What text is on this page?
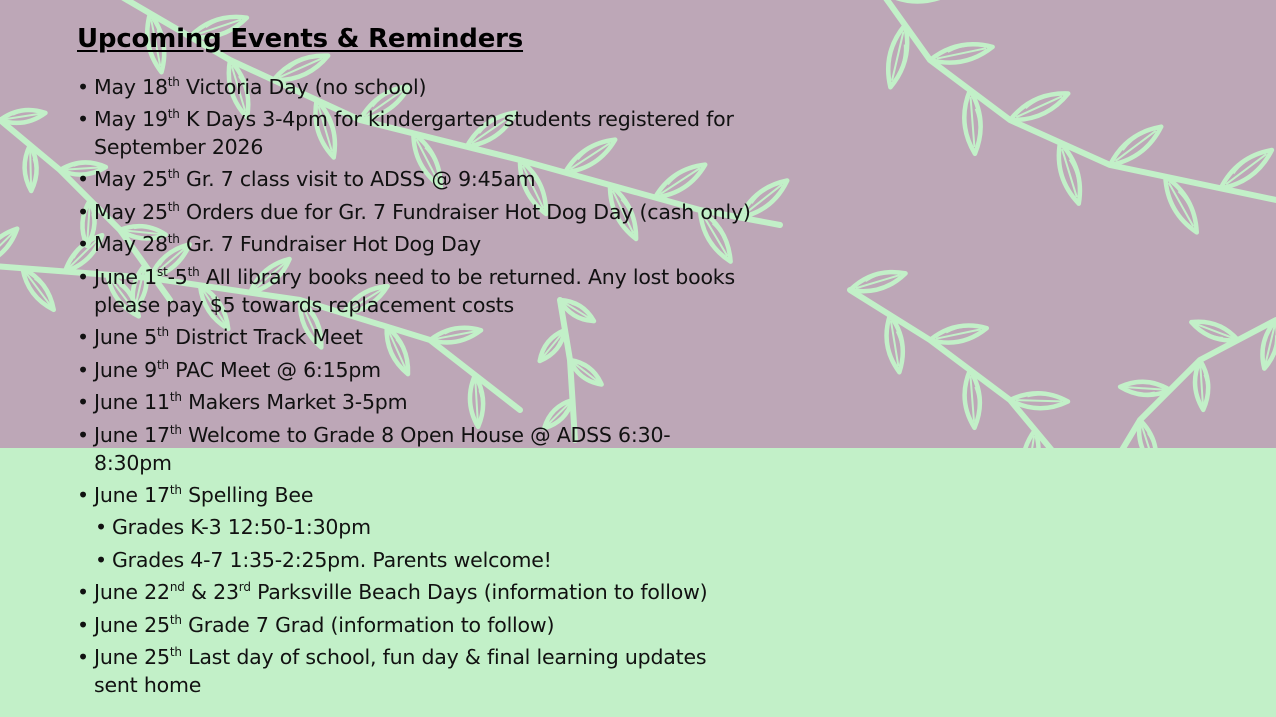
Upcoming Events & Reminders
• May 18th Victoria Day (no school)
• May 19th K Days 3-4pm for kindergarten students registered for
September 2026
• May 25th Gr. 7 class visit to ADSS @ 9:45am
• May 25th Orders due for Gr. 7 Fundraiser Hot Dog Day (cash only)
• May 28th Gr. 7 Fundraiser Hot Dog Day
• June 1st-5th All library books need to be returned. Any lost books
please pay $5 towards replacement costs
• June 5th District Track Meet
• June 9th PAC Meet @ 6:15pm
• June 11th Makers Market 3-5pm
• June 17th Welcome to Grade 8 Open House @ ADSS 6:30-
8:30pm
• June 17th Spelling Bee
• Grades K-3 12:50-1:30pm
• Grades 4-7 1:35-2:25pm. Parents welcome!
• June 22nd & 23rd Parksville Beach Days (information to follow)
• June 25th Grade 7 Grad (information to follow)
• June 25th Last day of school, fun day & final learning updates
sent home
